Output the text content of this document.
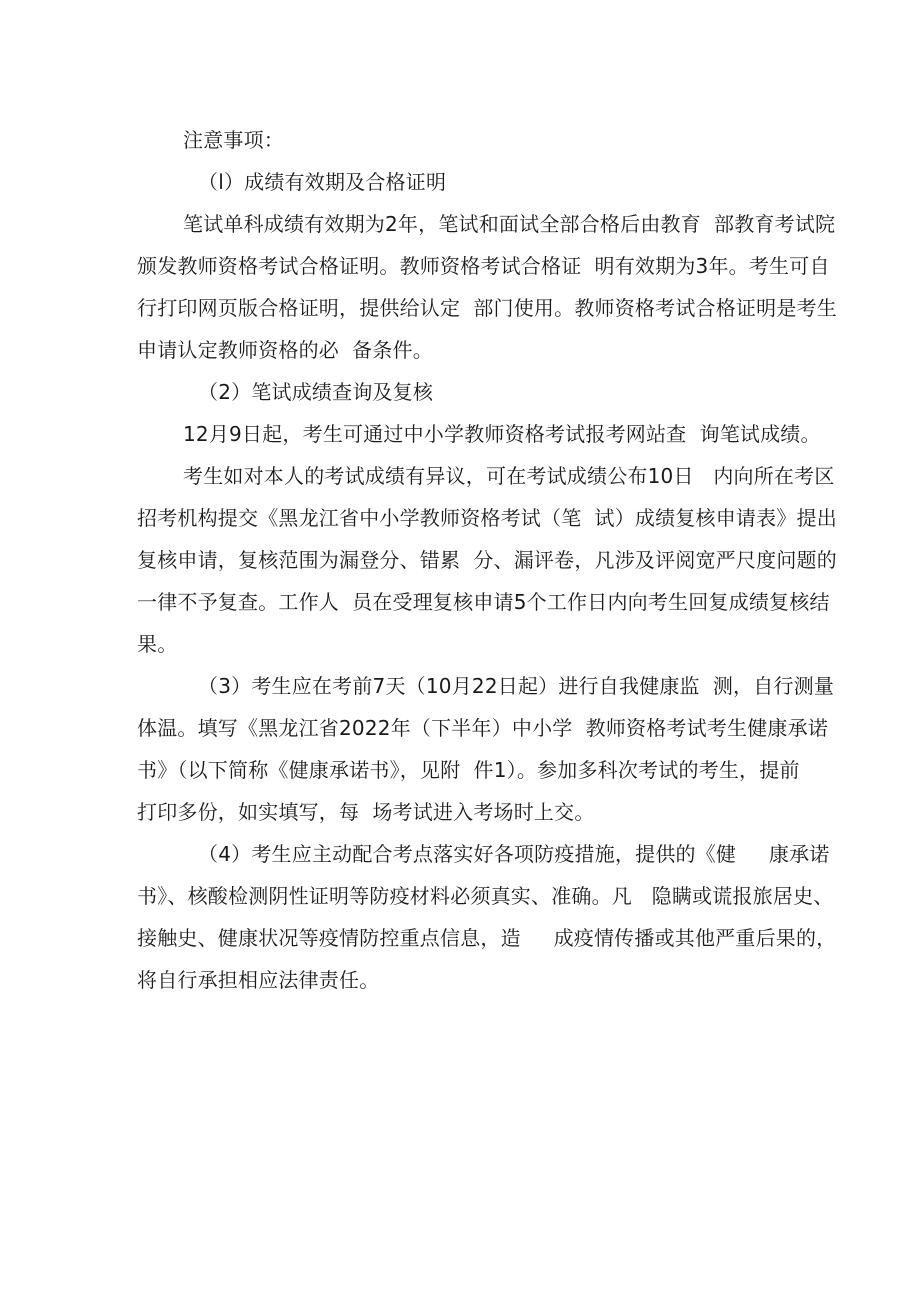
注意事项：
（l）成绩有效期及合格证明
笔试单科成绩有效期为2年，笔试和面试全部合格后由教育  部教育考试院
颁发教师资格考试合格证明。教师资格考试合格证  明有效期为3年。考生可自
行打印网页版合格证明，提供给认定  部门使用。教师资格考试合格证明是考生
申请认定教师资格的必  备条件。
（2）笔试成绩查询及复核
12月9日起，考生可通过中小学教师资格考试报考网站查  询笔试成绩。
考生如对本人的考试成绩有异议，可在考试成绩公布10日   内向所在考区
招考机构提交《黑龙江省中小学教师资格考试（笔  试）成绩复核申请表》提出
复核申请，复核范围为漏登分、错累  分、漏评卷，凡涉及评阅宽严尺度问题的
一律不予复查。工作人  员在受理复核申请5个工作日内向考生回复成绩复核结
果。
（3）考生应在考前7天（10月22日起）进行自我健康监  测，自行测量
体温。填写《黑龙江省2022年（下半年）中小学  教师资格考试考生健康承诺
书》（以下简称《健康承诺书》，见附  件1）。参加多科次考试的考生，提前
打印多份，如实填写，每  场考试进入考场时上交。
（4）考生应主动配合考点落实好各项防疫措施，提供的《健     康承诺
书》、核酸检测阴性证明等防疫材料必须真实、准确。凡   隐瞒或谎报旅居史、
接触史、健康状况等疫情防控重点信息，造     成疫情传播或其他严重后果的，
将自行承担相应法律责任。
